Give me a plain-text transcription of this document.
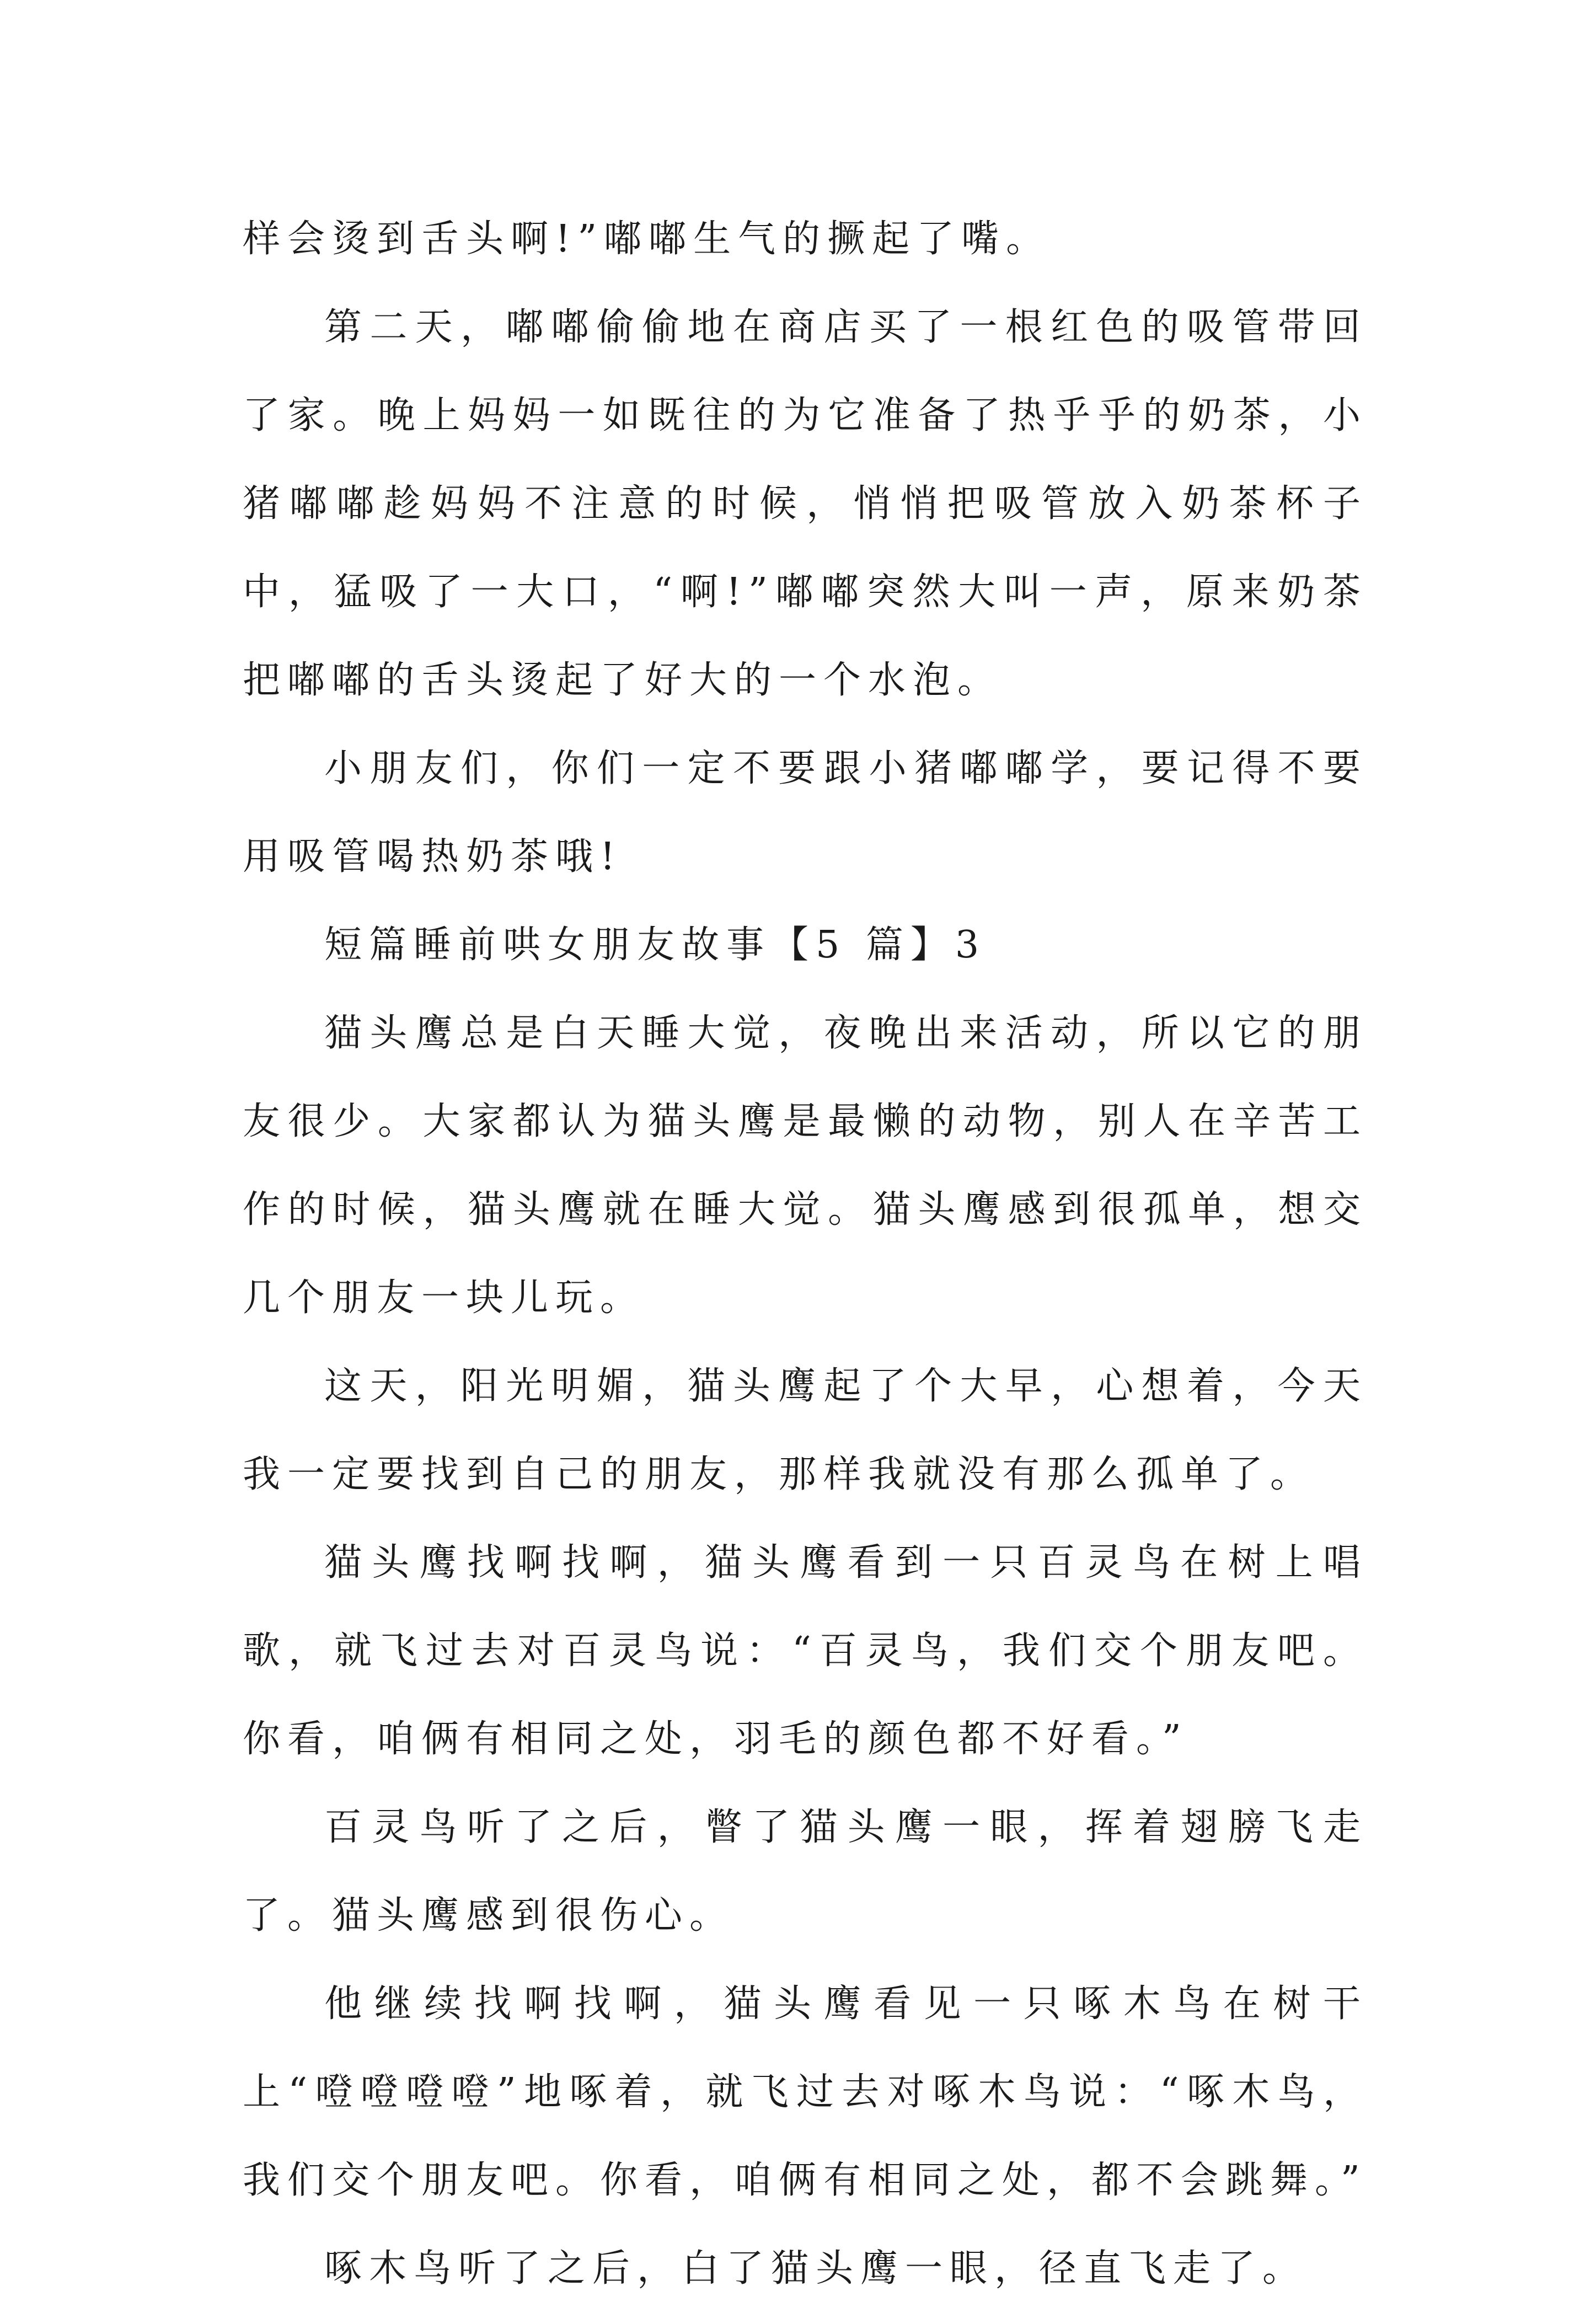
样会烫到舌头啊!”嘟嘟生气的撅起了嘴。

第二天，嘟嘟偷偷地在商店买了一根红色的吸管带回了家。晚上妈妈一如既往的为它准备了热乎乎的奶茶，小猪嘟嘟趁妈妈不注意的时候，悄悄把吸管放入奶茶杯子中，猛吸了一大口，“啊!”嘟嘟突然大叫一声，原来奶茶把嘟嘟的舌头烫起了好大的一个水泡。

小朋友们，你们一定不要跟小猪嘟嘟学，要记得不要用吸管喝热奶茶哦!

短篇睡前哄女朋友故事【5 篇】3

猫头鹰总是白天睡大觉，夜晚出来活动，所以它的朋友很少。大家都认为猫头鹰是最懒的动物，别人在辛苦工作的时候，猫头鹰就在睡大觉。猫头鹰感到很孤单，想交几个朋友一块儿玩。

这天，阳光明媚，猫头鹰起了个大早，心想着，今天我一定要找到自己的朋友，那样我就没有那么孤单了。

猫头鹰找啊找啊，猫头鹰看到一只百灵鸟在树上唱歌，就飞过去对百灵鸟说：“百灵鸟，我们交个朋友吧。你看，咱俩有相同之处，羽毛的颜色都不好看。”

百灵鸟听了之后，瞥了猫头鹰一眼，挥着翅膀飞走了。猫头鹰感到很伤心。

他继续找啊找啊，猫头鹰看见一只啄木鸟在树干上“噔噔噔噔”地啄着，就飞过去对啄木鸟说：“啄木鸟，我们交个朋友吧。你看，咱俩有相同之处，都不会跳舞。”

啄木鸟听了之后，白了猫头鹰一眼，径直飞走了。
